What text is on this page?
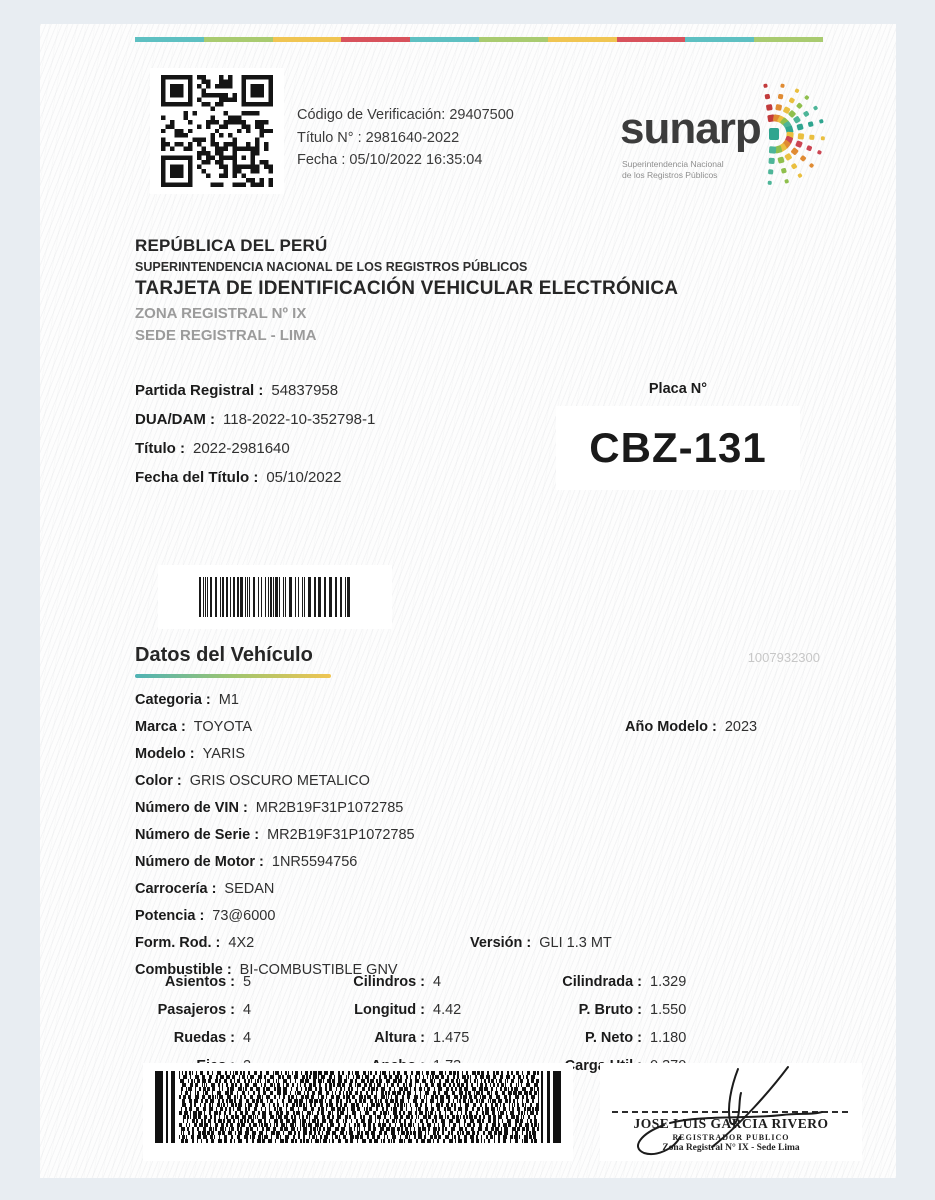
Código de Verificación: 29407500
Título N° : 2981640-2022
Fecha : 05/10/2022 16:35:04
sunarp
Superintendencia Nacional
de los Registros Públicos
REPÚBLICA DEL PERÚ
SUPERINTENDENCIA NACIONAL DE LOS REGISTROS PÚBLICOS
TARJETA DE IDENTIFICACIÓN VEHICULAR ELECTRÓNICA
ZONA REGISTRAL Nº IX
SEDE REGISTRAL - LIMA
Partida Registral : 54837958
DUA/DAM : 118-2022-10-352798-1
Título : 2022-2981640
Fecha del Título : 05/10/2022
Placa N°
CBZ-131
Datos del Vehículo	1007932300
Categoria : M1
Marca : TOYOTA
Modelo : YARIS
Color : GRIS OSCURO METALICO
Número de VIN : MR2B19F31P1072785
Número de Serie : MR2B19F31P1072785
Número de Motor : 1NR5594756
Carrocería : SEDAN
Potencia : 73@6000
Form. Rod. : 4X2
Combustible : BI-COMBUSTIBLE GNV
Año Modelo : 2023
Versión : GLI 1.3 MT
Asientos : 5
Pasajeros : 4
Ruedas : 4
Cilindros : 4
Longitud : 4.42
Altura : 1.475
Cilindrada : 1.329
P. Bruto : 1.550
P. Neto : 1.180
Carga
JOSE LUIS GARCIA RIVERO
REGISTRADOR PUBLICO
Zona Registral N° IX - Sede Lima
